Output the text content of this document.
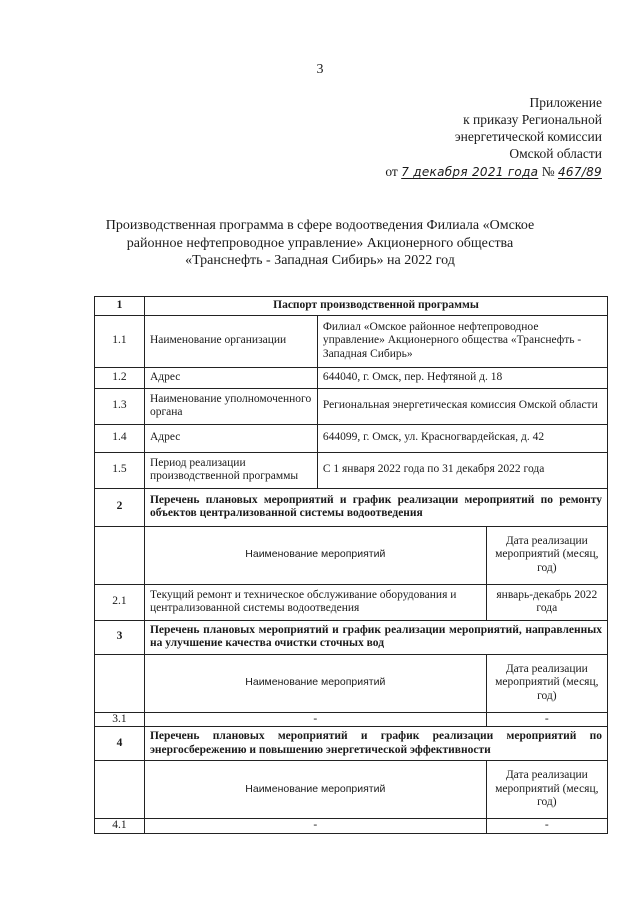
3
Приложение
к приказу Региональной
энергетической комиссии
Омской области
от 7 декабря 2021 года № 467/89
Производственная программа в сфере водоотведения Филиала «Омское
районное нефтепроводное управление» Акционерного общества
«Транснефть - Западная Сибирь» на 2022 год
1	Паспорт производственной программы		
1.1	Наименование организации	Филиал «Омское районное нефтепроводное управление» Акционерного общества «Транснефть - Западная Сибирь»	
1.2	Адрес	644040, г. Омск, пер. Нефтяной д. 18	
1.3	Наименование уполномоченного органа	Региональная энергетическая комиссия Омской области	
1.4	Адрес	644099, г. Омск, ул. Красногвардейская, д. 42	
1.5	Период реализации производственной программы	С 1 января 2022 года по 31 декабря 2022 года	
2	Перечень плановых мероприятий и график реализации мероприятий по ремонту объектов централизованной системы водоотведения		
	Наименование мероприятий		Дата реализации мероприятий (месяц, год)
2.1	Текущий ремонт и техническое обслуживание оборудования и централизованной системы водоотведения		январь-декабрь 2022 года
3	Перечень плановых мероприятий и график реализации мероприятий, направленных на улучшение качества очистки сточных вод		
	Наименование мероприятий		Дата реализации мероприятий (месяц, год)
3.1	-		-
4	Перечень плановых мероприятий и график реализации мероприятий по энергосбережению и повышению энергетической эффективности		
	Наименование мероприятий		Дата реализации мероприятий (месяц, год)
4.1	-		-
